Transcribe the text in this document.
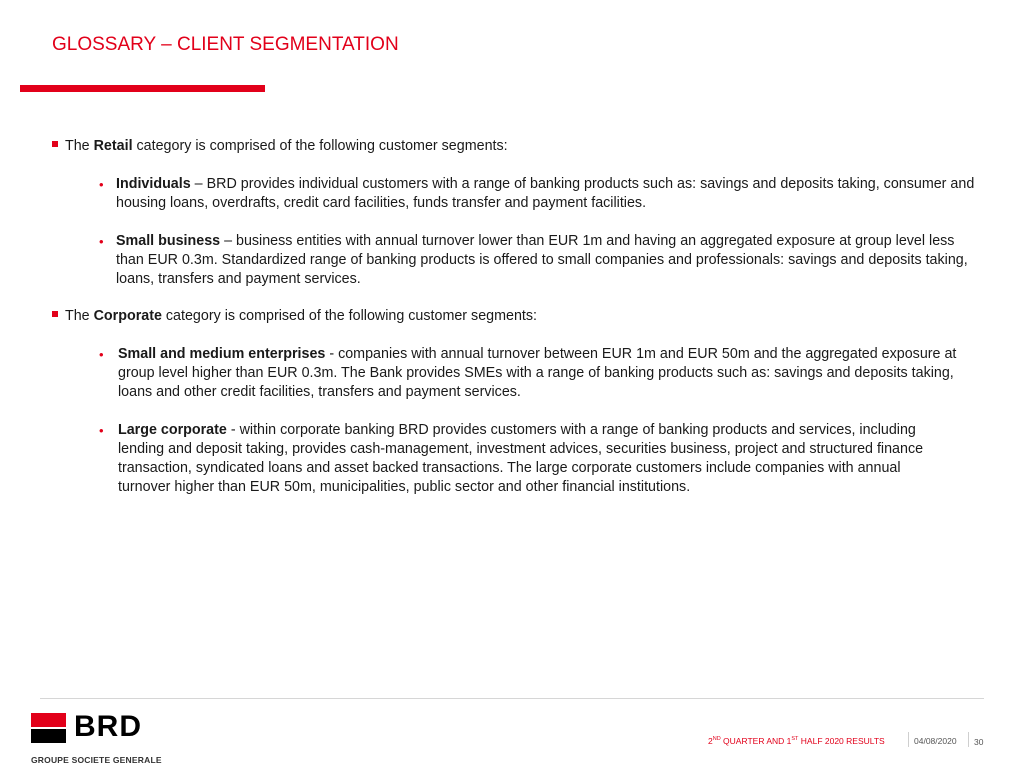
GLOSSARY – CLIENT SEGMENTATION
The Retail category is comprised of the following customer segments:
• Individuals – BRD provides individual customers with a range of banking products such as: savings and deposits taking, consumer and housing loans, overdrafts, credit card facilities, funds transfer and payment facilities.
• Small business – business entities with annual turnover lower than EUR 1m and having an aggregated exposure at group level less than EUR 0.3m. Standardized range of banking products is offered to small companies and professionals: savings and deposits taking, loans, transfers and payment services.
The Corporate category is comprised of the following customer segments:
• Small and medium enterprises - companies with annual turnover between EUR 1m and EUR 50m and the aggregated exposure at group level higher than EUR 0.3m. The Bank provides SMEs with a range of banking products such as: savings and deposits taking, loans and other credit facilities, transfers and payment services.
• Large corporate - within corporate banking BRD provides customers with a range of banking products and services, including lending and deposit taking, provides cash-management, investment advices, securities business, project and structured finance transaction, syndicated loans and asset backed transactions. The large corporate customers include companies with annual turnover higher than EUR 50m, municipalities, public sector and other financial institutions.
BRD
GROUPE SOCIETE GENERALE
2ND QUARTER AND 1ST HALF 2020 RESULTS	04/08/2020 30
